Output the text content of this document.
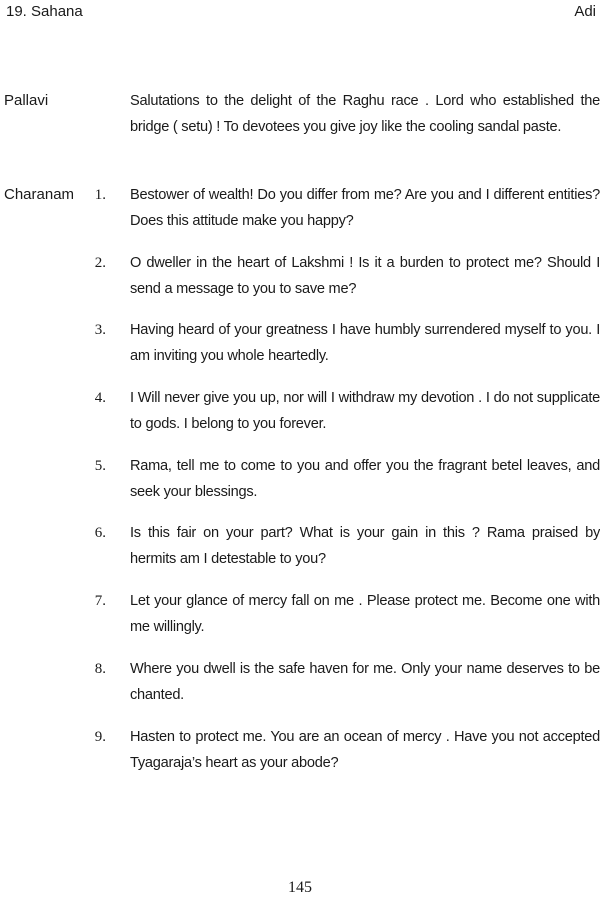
19. Sahana	Adi
Pallavi	Salutations to the delight of the Raghu race . Lord who established the bridge ( setu) ! To devotees you give joy like the cooling sandal paste.
Charanam	1. Bestower of wealth! Do you differ from me? Are you and I different entities? Does this attitude make you happy?
2. O dweller in the heart of Lakshmi ! Is it a burden to protect me? Should I send a message to you to save me?
3. Having heard of your greatness I have humbly surrendered myself to you. I am inviting you whole heartedly.
4. I Will never give you up, nor will I withdraw my devotion . I do not supplicate to gods. I belong to you forever.
5. Rama, tell me to come to you and offer you the fragrant betel leaves, and seek your blessings.
6. Is this fair on your part? What is your gain in this ? Rama praised by hermits am I detestable to you?
7. Let your glance of mercy fall on me . Please protect me. Become one with me willingly.
8. Where you dwell is the safe haven for me. Only your name deserves to be chanted.
9. Hasten to protect me. You are an ocean of mercy . Have you not accepted Tyagaraja’s heart as your abode?
145
